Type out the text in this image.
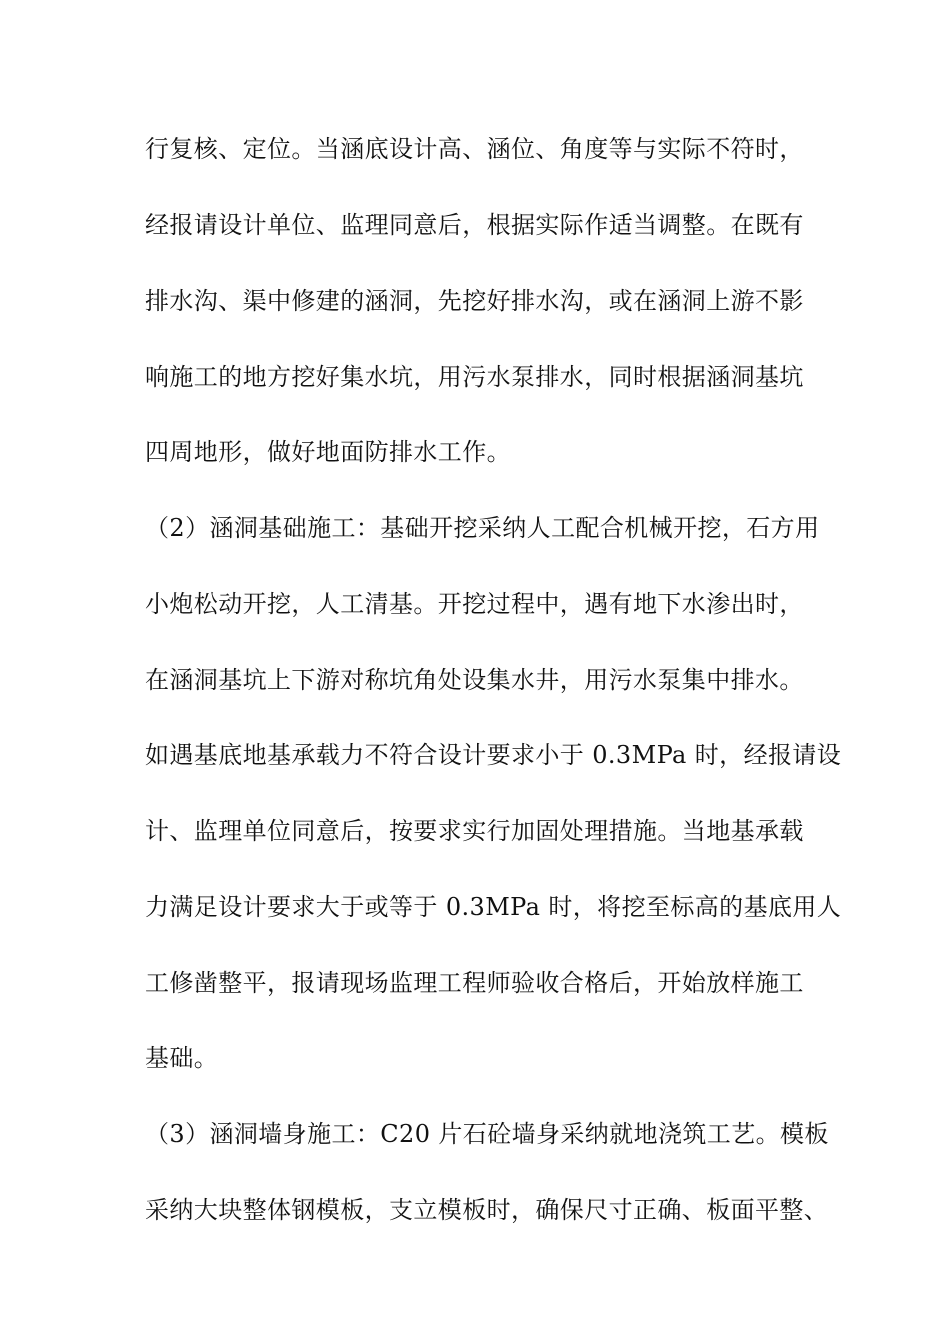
行复核、定位。当涵底设计高、涵位、角度等与实际不符时，
经报请设计单位、监理同意后，根据实际作适当调整。在既有
排水沟、渠中修建的涵洞，先挖好排水沟，或在涵洞上游不影
响施工的地方挖好集水坑，用污水泵排水，同时根据涵洞基坑
四周地形，做好地面防排水工作。
（2）涵洞基础施工：基础开挖采纳人工配合机械开挖，石方用
小炮松动开挖，人工清基。开挖过程中，遇有地下水渗出时，
在涵洞基坑上下游对称坑角处设集水井，用污水泵集中排水。
如遇基底地基承载力不符合设计要求小于 0.3MPa 时，经报请设
计、监理单位同意后，按要求实行加固处理措施。当地基承载
力满足设计要求大于或等于 0.3MPa 时，将挖至标高的基底用人
工修凿整平，报请现场监理工程师验收合格后，开始放样施工
基础。
（3）涵洞墙身施工：C20 片石砼墙身采纳就地浇筑工艺。模板
采纳大块整体钢模板，支立模板时，确保尺寸正确、板面平整、
